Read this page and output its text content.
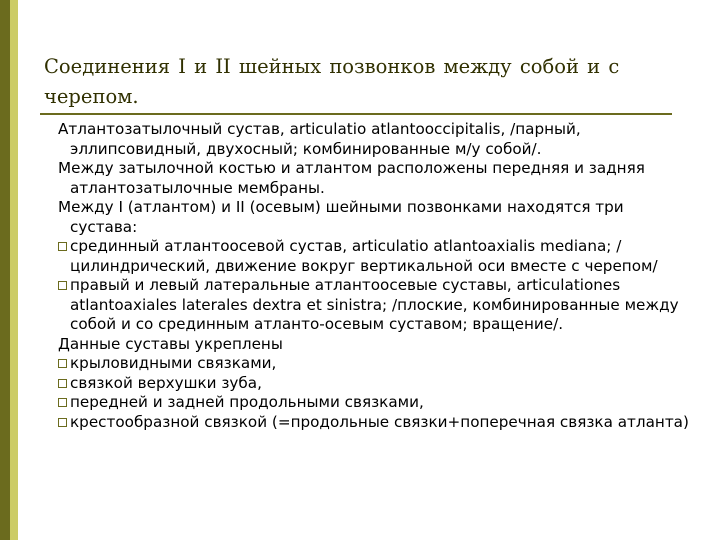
Соединения I и II шейных позвонков между собой и с черепом.
Атлантозатылочный сустав, articulatio atlantooccipitalis, /парный, эллипсовидный, двухосный; комбинированные м/у собой/.
Между затылочной костью и атлантом расположены передняя и задняя атлантозатылочные мембраны.
Между I (атлантом) и II (осевым) шейными позвонками находятся три сустава:
срединный атлантоосевой сустав, articulatio atlantoaxialis mediana; /цилиндрический, движение вокруг вертикальной оси вместе с черепом/
правый и левый латеральные атлантоосевые суставы, articulationes atlantoaxiales laterales dextra et sinistra; /плоские, комбинированные между собой и со срединным атланто-осевым суставом; вращение/.
Данные суставы укреплены
крыловидными связками,
связкой верхушки зуба,
передней и задней продольными связками,
крестообразной связкой (=продольные связки+поперечная связка атланта)
